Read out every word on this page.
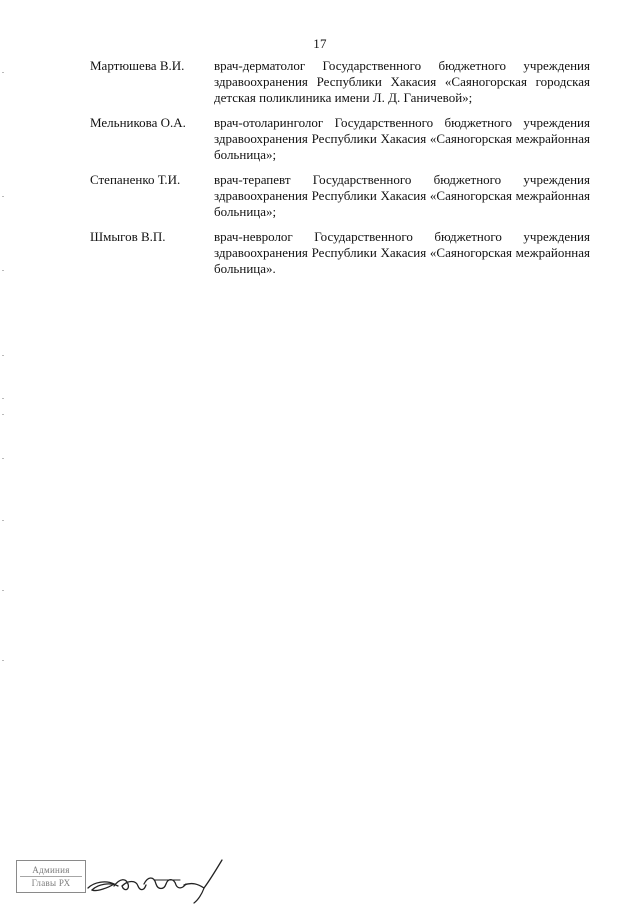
17
Мартюшева В.И.	врач-дерматолог Государственного бюджетного учреждения здравоохранения Республики Хакасия «Саяногорская городская детская поликлиника имени Л. Д. Ганичевой»;
Мельникова О.А.	врач-отоларинголог Государственного бюджетного учреждения здравоохранения Республики Хакасия «Саяногорская межрайонная больница»;
Степаненко Т.И.	врач-терапевт Государственного бюджетного учреждения здравоохранения Республики Хакасия «Саяногорская межрайонная больница»;
Шмыгов В.П.	врач-невролог Государственного бюджетного учреждения здравоохранения Республики Хакасия «Саяногорская межрайонная больница».
Админия
Главы РХ
